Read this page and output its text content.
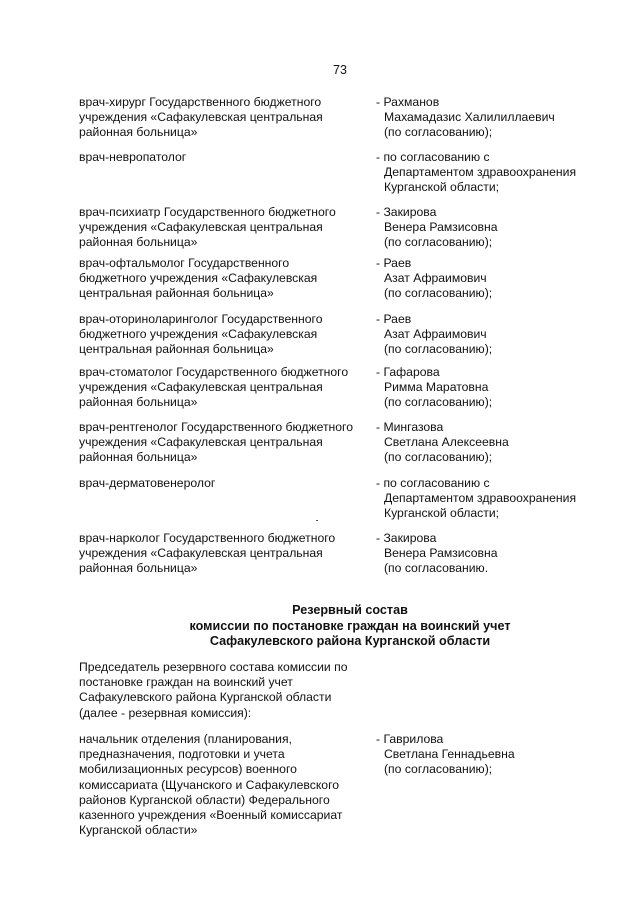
73
врач-хирург Государственного бюджетного
учреждения «Сафакулевская центральная
районная больница»
- Рахманов
Махамадазис Халилиллаевич
(по согласованию);
врач-невропатолог	- по согласованию с
Департаментом здравоохранения
Курганской области;
врач-психиатр Государственного бюджетного
учреждения «Сафакулевская центральная
районная больница»
- Закирова
Венера Рамзисовна
(по согласованию);
врач-офтальмолог Государственного
бюджетного учреждения «Сафакулевская
центральная районная больница»
- Раев
Азат Афраимович
(по согласованию);
врач-оториноларинголог Государственного
бюджетного учреждения «Сафакулевская
центральная районная больница»
- Раев
Азат Афраимович
(по согласованию);
врач-стоматолог Государственного бюджетного
учреждения «Сафакулевская центральная
районная больница»
- Гафарова
Римма Маратовна
(по согласованию);
врач-рентгенолог Государственного бюджетного
учреждения «Сафакулевская центральная
районная больница»
- Мингазова
Светлана Алексеевна
(по согласованию);
врач-дерматовенеролог	- по согласованию с
Департаментом здравоохранения
Курганской области;
врач-нарколог Государственного бюджетного
учреждения «Сафакулевская центральная
районная больница»
- Закирова
Венера Рамзисовна
(по согласованию.
Резервный состав
комиссии по постановке граждан на воинский учет
Сафакулевского района Курганской области
Председатель резервного состава комиссии по
постановке граждан на воинский учет
Сафакулевского района Курганской области
(далее - резервная комиссия):
начальник отделения (планирования,
предназначения, подготовки и учета
мобилизационных ресурсов) военного
комиссариата (Щучанского и Сафакулевского
районов Курганской области) Федерального
казенного учреждения «Военный комиссариат
Курганской области»
- Гаврилова
Светлана Геннадьевна
(по согласованию);
